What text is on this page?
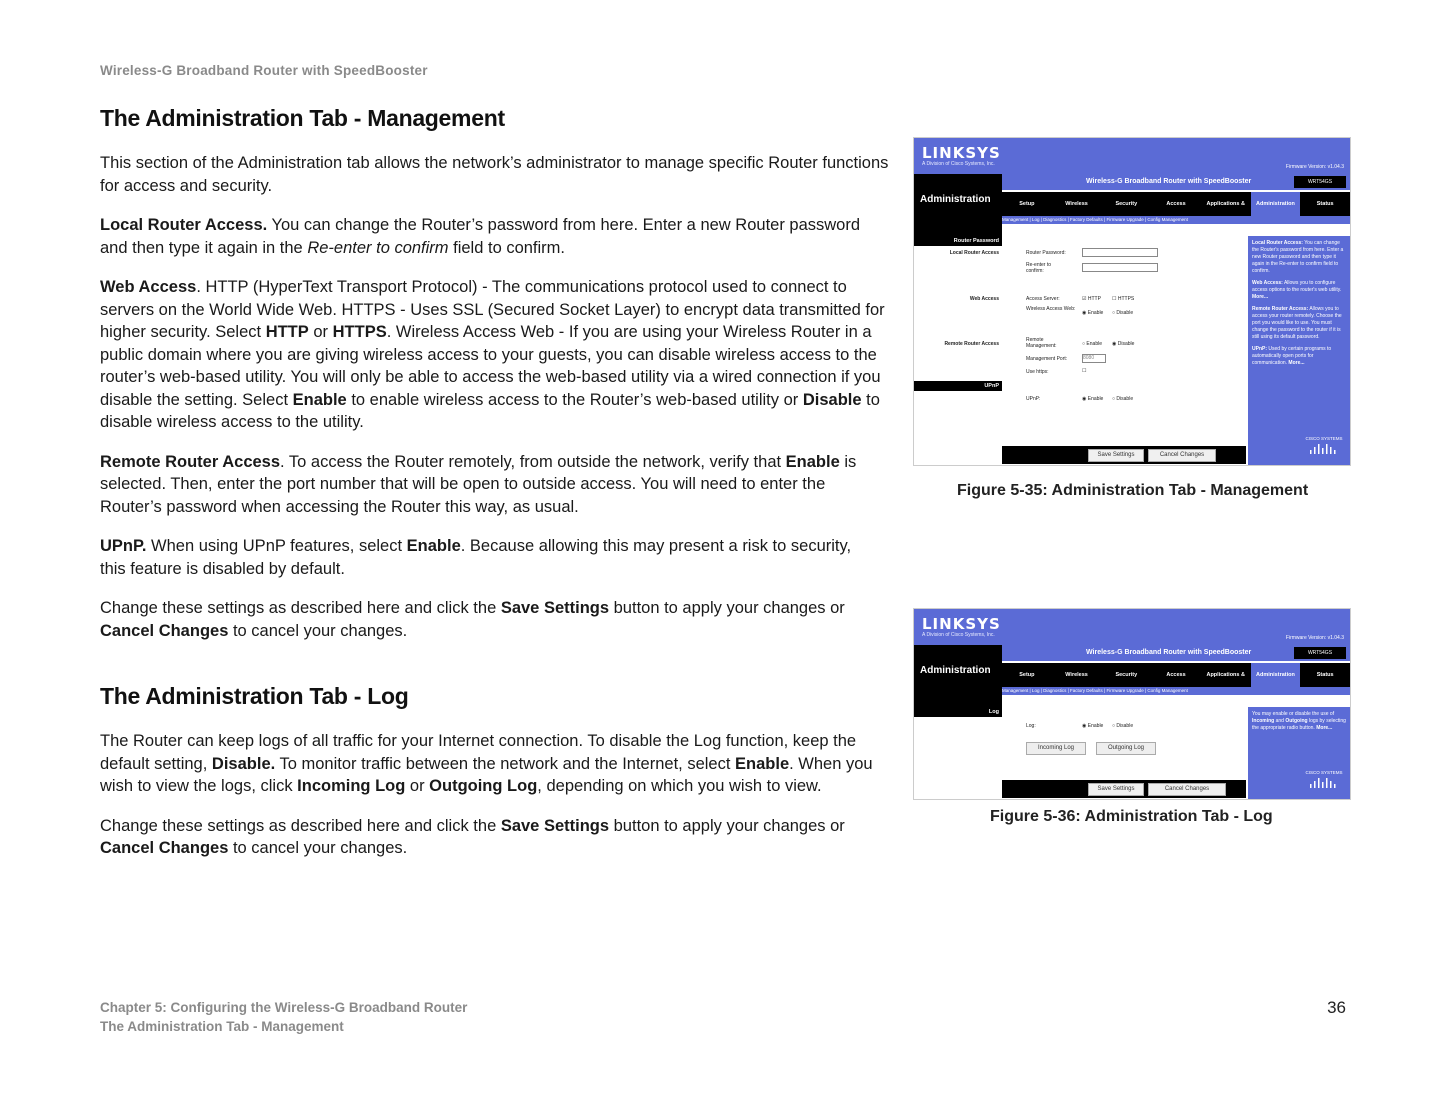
Wireless-G Broadband Router with SpeedBooster
The Administration Tab - Management

This section of the Administration tab allows the network’s administrator to manage specific Router functions for access and security.

Local Router Access. You can change the Router’s password from here. Enter a new Router password and then type it again in the Re-enter to confirm field to confirm.

Web Access. HTTP (HyperText Transport Protocol) - The communications protocol used to connect to servers on the World Wide Web. HTTPS - Uses SSL (Secured Socket Layer) to encrypt data transmitted for higher security. Select HTTP or HTTPS. Wireless Access Web - If you are using your Wireless Router in a public domain where you are giving wireless access to your guests, you can disable wireless access to the router’s web-based utility. You will only be able to access the web-based utility via a wired connection if you disable the setting. Select Enable to enable wireless access to the Router’s web-based utility or Disable to disable wireless access to the utility.

Remote Router Access. To access the Router remotely, from outside the network, verify that Enable is selected. Then, enter the port number that will be open to outside access. You will need to enter the Router’s password when accessing the Router this way, as usual.

UPnP. When using UPnP features, select Enable. Because allowing this may present a risk to security, this feature is disabled by default.

Change these settings as described here and click the Save Settings button to apply your changes or Cancel Changes to cancel your changes.

The Administration Tab - Log

The Router can keep logs of all traffic for your Internet connection. To disable the Log function, keep the default setting, Disable. To monitor traffic between the network and the Internet, select Enable. When you wish to view the logs, click Incoming Log or Outgoing Log, depending on which you wish to view.

Change these settings as described here and click the Save Settings button to apply your changes or Cancel Changes to cancel your changes.

LINKSYS
A Division of Cisco Systems, Inc.	Firmware Version: v1.04.3
Administration
Wireless-G Broadband Router with SpeedBooster	WRT54GS
Setup	Wireless	Security	Access Restrictions
Applications & Gaming
Administration	Status
Management | Log | Diagnostics | Factory Defaults | Firmware Upgrade | Config Management
Router Password
Local Router Access	Router Password:
Re-enter to confirm:
Web Access	Access Server:	☑ HTTP ☐ HTTPS
Wireless Access Web:
◉ Enable ○ Disable
Remote Router Access
Remote Management:	○ Enable ◉ Disable
Management Port:	8080
Use https:	☐
UPnP
UPnP:	◉ Enable ○ Disable
Save Settings	Cancel Changes
Local Router Access: You can change the Router's password from here. Enter a new Router password and then type it again in the Re-enter to confirm field to confirm.
Web Access: Allows you to configure access options to the router's web utility. More...
Remote Router Access: Allows you to access your router remotely. Choose the port you would like to use. You must change the password to the router if it is still using its default password.
UPnP: Used by certain programs to automatically open ports for communication. More...
CISCO SYSTEMS
Figure 5-35: Administration Tab - Management
LINKSYS
A Division of Cisco Systems, Inc.	Firmware Version: v1.04.3
Administration
Wireless-G Broadband Router with SpeedBooster	WRT54GS
Setup	Wireless	Security	Access Restrictions
Applications & Gaming
Administration	Status
Management | Log | Diagnostics | Factory Defaults | Firmware Upgrade | Config Management
Log
Log:	◉ Enable ○ Disable
Incoming Log	Outgoing Log
Save Settings	Cancel Changes
You may enable or disable the use of Incoming and Outgoing logs by selecting the appropriate radio button. More...
CISCO SYSTEMS
Figure 5-36: Administration Tab - Log
Chapter 5: Configuring the Wireless-G Broadband Router
The Administration Tab - Management
36
